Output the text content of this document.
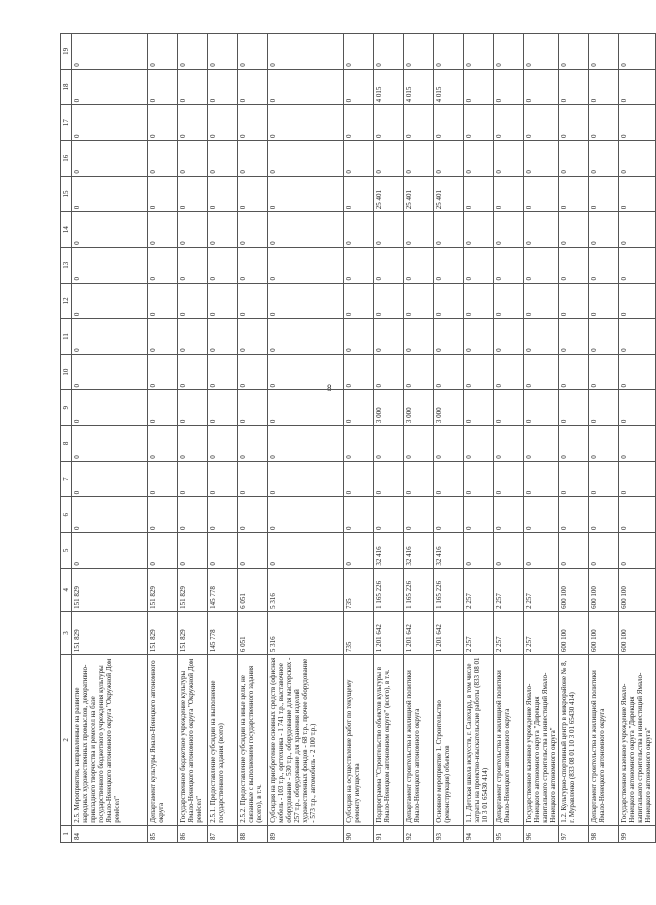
8
1	2	3	4	5	6	7	8	9	10	11	12	13	14	15	16	17	18	19
84	2.5. Мероприятия, направленные на развитие народных художественных промыслов, декоративно-прикладного творчества и ремесел на базе государственного бюджетного учреждения культуры Ямало-Ненецкого автономного округа "Окружной Дом ремёсел"	151 829	151 829	0	0	0	0	0	0	0	0	0	0	0	0	0	0	0
85	Департамент культуры Ямало-Ненецкого автономного округа	151 829	151 829	0	0	0	0	0	0	0	0	0	0	0	0	0	0	0
86	Государственное бюджетное учреждение культуры Ямало-Ненецкого автономного округа "Окружной Дом ремёсел"	151 829	151 829	0	0	0	0	0	0	0	0	0	0	0	0	0	0	0
87	2.5.1. Предоставление субсидии на выполнение государственного задания (всего)	145 778	145 778	0	0	0	0	0	0	0	0	0	0	0	0	0	0	0
88	2.5.2. Предоставление субсидии на иные цели, не связанные с выполнением государственного задания (всего), в т.ч.	6 051	6 051	0	0	0	0	0	0	0	0	0	0	0	0	0	0	0
89	Субсидия на приобретение основных средств (офисная мебель - 103 т.р., оргтехника - 1 741 т.р., выставочное оборудование - 530 т.р., оборудование для мастерских - 257 т.р., оборудование для хранения изделий художественных фондов - 68 т.р., прочее оборудование - 573 т.р., автомобиль - 2 100 т.р.)	5 316	5 316	0	0	0	0	0	0	0	0	0	0	0	0	0	0	0
90	Субсидия на осуществление работ по текущему ремонту имущества	735	735	0	0	0	0	0	0	0	0	0	0	0	0	0	0	0
91	Подпрограмма "Строительство объектов культуры в Ямало-Ненецком автономном округе" (всего), в т.ч.	1 201 642	1 165 226	32 416	0	0	0	3 000	0	0	0	0	0	25 401	0	0	4 015	0
92	Департамент строительства и жилищной политики Ямало-Ненецкого автономного округа	1 201 642	1 165 226	32 416	0	0	0	3 000	0	0	0	0	0	25 401	0	0	4 015	0
93	Основное мероприятие 1. Строительство (реконструкция) объектов	1 201 642	1 165 226	32 416	0	0	0	3 000	0	0	0	0	0	25 401	0	0	4 015	0
94	1.1. Детская школа искусств, г. Салехард, в том числе затраты на проектно-изыскательские работы (833 08 01 10 3 01 65430 414)	2 257	2 257	0	0	0	0	0	0	0	0	0	0	0	0	0	0	0
95	Департамент строительства и жилищной политики Ямало-Ненецкого автономного округа	2 257	2 257	0	0	0	0	0	0	0	0	0	0	0	0	0	0	0
96	Государственное казенное учреждение Ямало-Ненецкого автономного округа "Дирекция капитального строительства и инвестиций Ямало-Ненецкого автономного округа"	2 257	2 257	0	0	0	0	0	0	0	0	0	0	0	0	0	0	0
97	1.2. Культурно-спортивный центр в микрорайоне № 8, г. Муравленко (833 08 01 10 3 01 65430 414)	600 100	600 100	0	0	0	0	0	0	0	0	0	0	0	0	0	0	0
98	Департамент строительства и жилищной политики Ямало-Ненецкого автономного округа	600 100	600 100	0	0	0	0	0	0	0	0	0	0	0	0	0	0	0
99	Государственное казенное учреждение Ямало-Ненецкого автономного округа "Дирекция капитального строительства и инвестиций Ямало-Ненецкого автономного округа"	600 100	600 100	0	0	0	0	0	0	0	0	0	0	0	0	0	0	0
